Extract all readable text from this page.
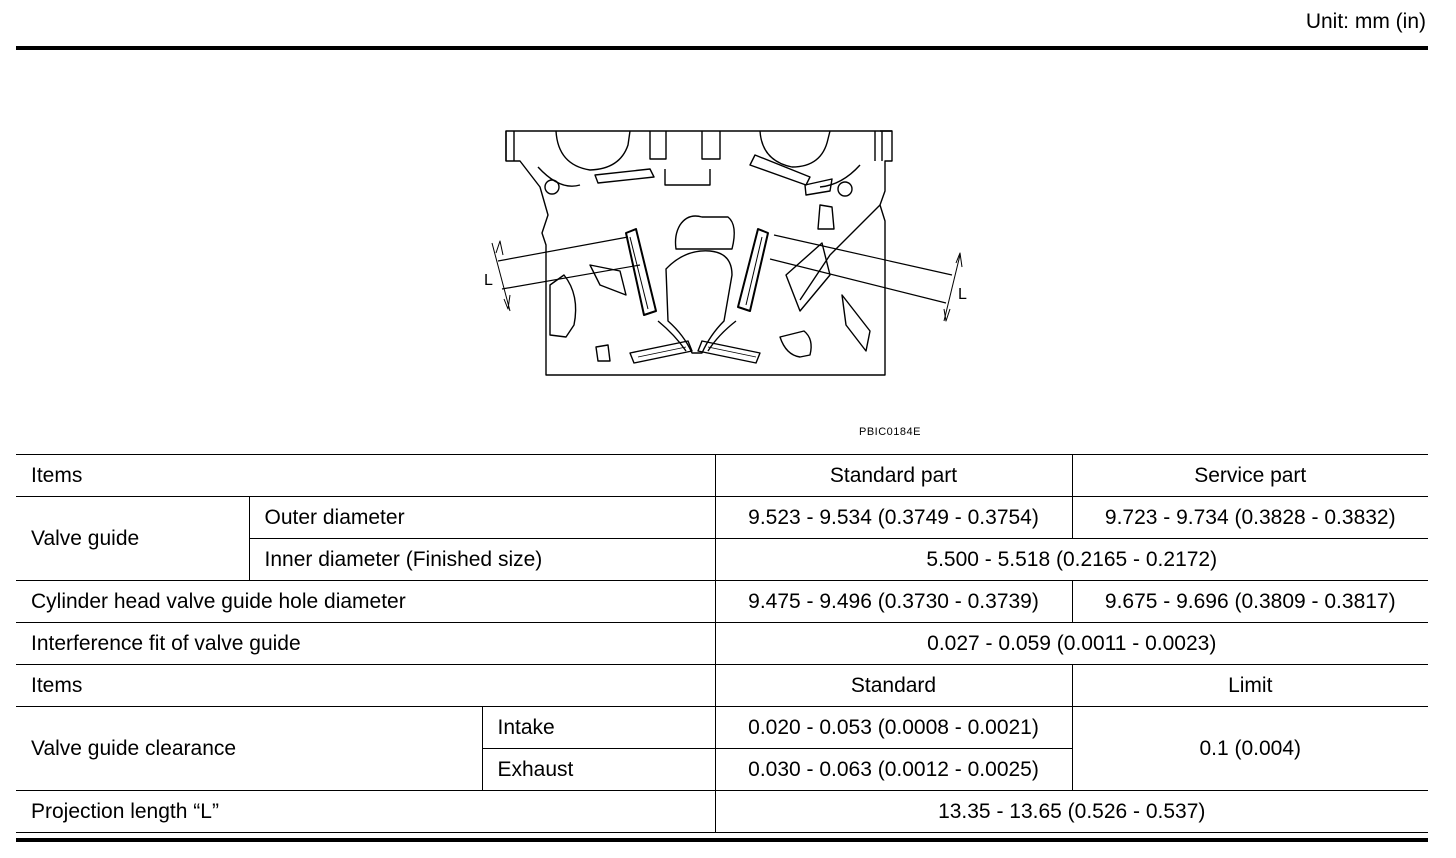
Unit: mm (in)
L
L
PBIC0184E
Items			Standard part	Service part
Valve guide	Outer diameter		9.523 - 9.534 (0.3749 - 0.3754)	9.723 - 9.734 (0.3828 - 0.3832)
	Inner diameter (Finished size)		5.500 - 5.518 (0.2165 - 0.2172)	
Cylinder head valve guide hole diameter			9.475 - 9.496 (0.3730 - 0.3739)	9.675 - 9.696 (0.3809 - 0.3817)
Interference fit of valve guide			0.027 - 0.059 (0.0011 - 0.0023)	
Items			Standard	Limit
Valve guide clearance		Intake	0.020 - 0.053 (0.0008 - 0.0021)	0.1 (0.004)
		Exhaust	0.030 - 0.063 (0.0012 - 0.0025)	
Projection length “L”			13.35 - 13.65 (0.526 - 0.537)	
